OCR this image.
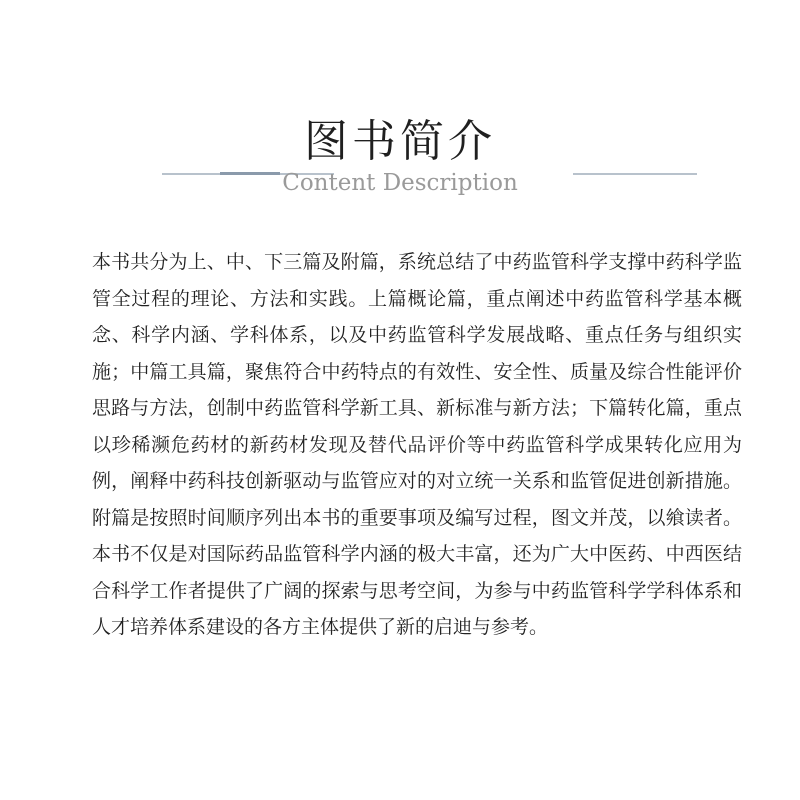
图书简介
Content Description

本书共分为上、中、下三篇及附篇，系统总结了中药监管科学支撑中药科学监管全过程的理论、方法和实践。上篇概论篇，重点阐述中药监管科学基本概念、科学内涵、学科体系，以及中药监管科学发展战略、重点任务与组织实施；中篇工具篇，聚焦符合中药特点的有效性、安全性、质量及综合性能评价思路与方法，创制中药监管科学新工具、新标准与新方法；下篇转化篇，重点以珍稀濒危药材的新药材发现及替代品评价等中药监管科学成果转化应用为例，阐释中药科技创新驱动与监管应对的对立统一关系和监管促进创新措施。附篇是按照时间顺序列出本书的重要事项及编写过程，图文并茂，以飨读者。本书不仅是对国际药品监管科学内涵的极大丰富，还为广大中医药、中西医结合科学工作者提供了广阔的探索与思考空间，为参与中药监管科学学科体系和人才培养体系建设的各方主体提供了新的启迪与参考。
